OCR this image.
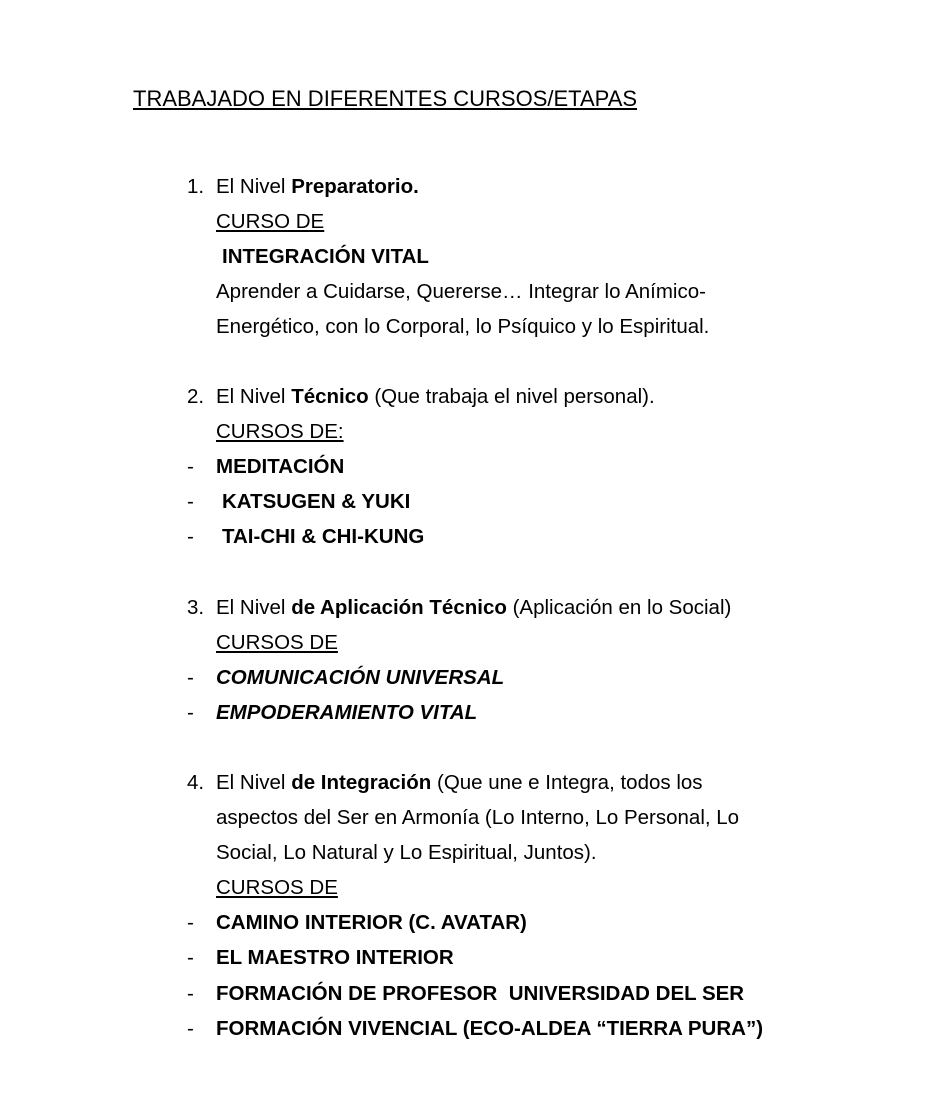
TRABAJADO EN DIFERENTES CURSOS/ETAPAS
1. El Nivel Preparatorio.
CURSO DE
INTEGRACIÓN VITAL
Aprender a Cuidarse, Quererse… Integrar lo Anímico-
Energético, con lo Corporal, lo Psíquico y lo Espiritual.
2. El Nivel Técnico (Que trabaja el nivel personal).
CURSOS DE:
- MEDITACIÓN
- KATSUGEN & YUKI
- TAI-CHI & CHI-KUNG
3. El Nivel de Aplicación Técnico (Aplicación en lo Social)
CURSOS DE
- COMUNICACIÓN UNIVERSAL
- EMPODERAMIENTO VITAL
4. El Nivel de Integración (Que une e Integra, todos los
aspectos del Ser en Armonía (Lo Interno, Lo Personal, Lo
Social, Lo Natural y Lo Espiritual, Juntos).
CURSOS DE
- CAMINO INTERIOR (C. AVATAR)
- EL MAESTRO INTERIOR
- FORMACIÓN DE PROFESOR  UNIVERSIDAD DEL SER
- FORMACIÓN VIVENCIAL (ECO-ALDEA “TIERRA PURA”)
